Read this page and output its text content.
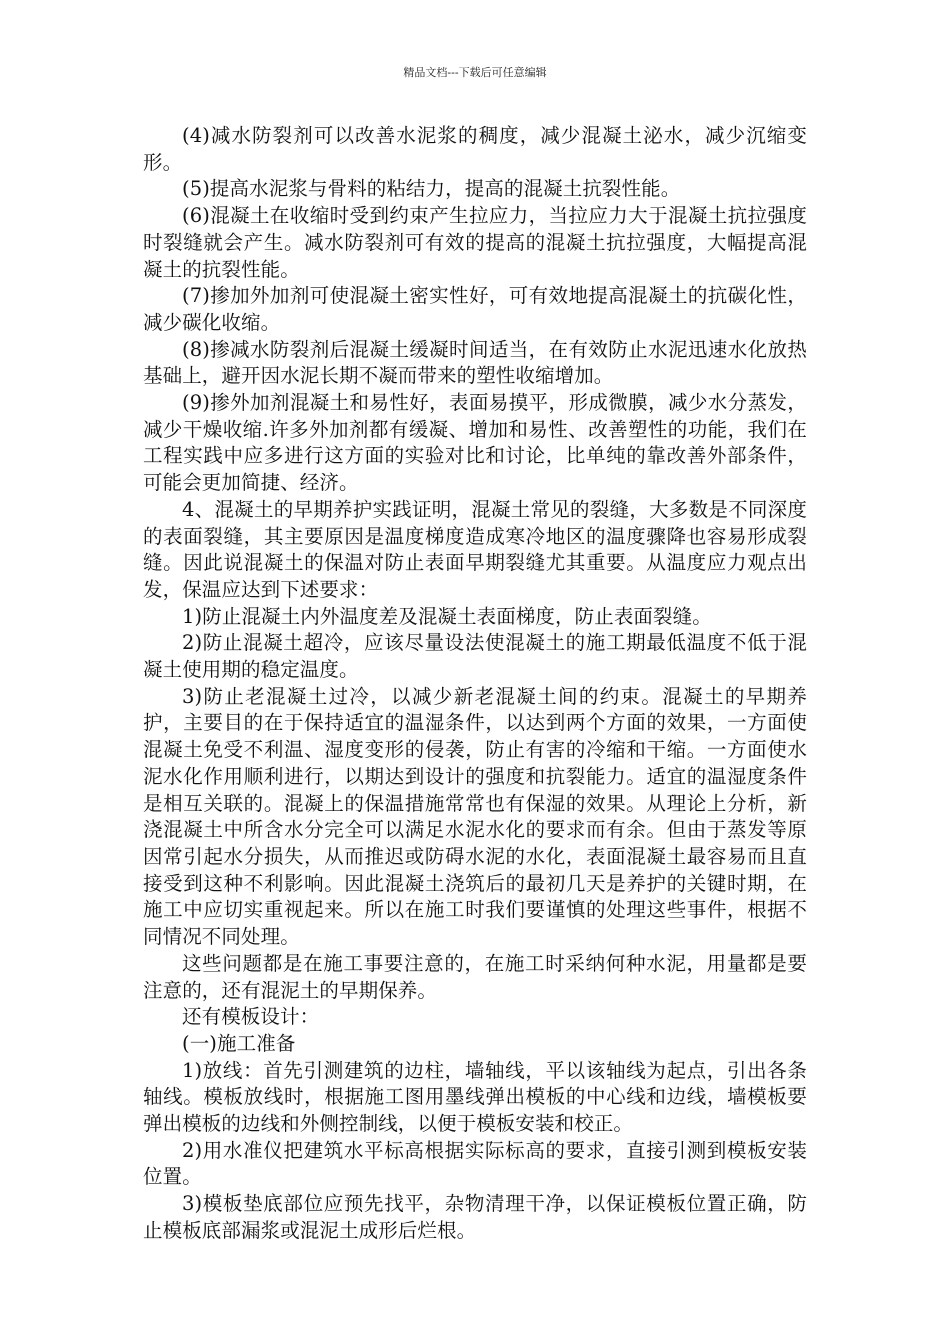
精品文档---下载后可任意编辑

(4)减水防裂剂可以改善水泥浆的稠度，减少混凝土泌水，减少沉缩变形。

(5)提高水泥浆与骨料的粘结力，提高的混凝土抗裂性能。

(6)混凝土在收缩时受到约束产生拉应力，当拉应力大于混凝土抗拉强度时裂缝就会产生。减水防裂剂可有效的提高的混凝土抗拉强度，大幅提高混凝土的抗裂性能。

(7)掺加外加剂可使混凝土密实性好，可有效地提高混凝土的抗碳化性，减少碳化收缩。

(8)掺减水防裂剂后混凝土缓凝时间适当，在有效防止水泥迅速水化放热基础上，避开因水泥长期不凝而带来的塑性收缩增加。

(9)掺外加剂混凝土和易性好，表面易摸平，形成微膜，减少水分蒸发，减少干燥收缩.许多外加剂都有缓凝、增加和易性、改善塑性的功能，我们在工程实践中应多进行这方面的实验对比和讨论，比单纯的靠改善外部条件，可能会更加简捷、经济。

4、混凝土的早期养护实践证明，混凝土常见的裂缝，大多数是不同深度的表面裂缝，其主要原因是温度梯度造成寒冷地区的温度骤降也容易形成裂缝。因此说混凝土的保温对防止表面早期裂缝尤其重要。从温度应力观点出发，保温应达到下述要求：

1)防止混凝土内外温度差及混凝土表面梯度，防止表面裂缝。

2)防止混凝土超冷，应该尽量设法使混凝土的施工期最低温度不低于混凝土使用期的稳定温度。

3)防止老混凝土过冷，以减少新老混凝土间的约束。混凝土的早期养护，主要目的在于保持适宜的温湿条件，以达到两个方面的效果，一方面使混凝土免受不利温、湿度变形的侵袭，防止有害的冷缩和干缩。一方面使水泥水化作用顺利进行，以期达到设计的强度和抗裂能力。适宜的温湿度条件是相互关联的。混凝上的保温措施常常也有保湿的效果。从理论上分析，新浇混凝土中所含水分完全可以满足水泥水化的要求而有余。但由于蒸发等原因常引起水分损失，从而推迟或防碍水泥的水化，表面混凝土最容易而且直接受到这种不利影响。因此混凝土浇筑后的最初几天是养护的关键时期，在施工中应切实重视起来。所以在施工时我们要谨慎的处理这些事件，根据不同情况不同处理。

这些问题都是在施工事要注意的，在施工时采纳何种水泥，用量都是要注意的，还有混泥土的早期保养。

还有模板设计：

(一)施工准备

1)放线：首先引测建筑的边柱，墙轴线，平以该轴线为起点，引出各条轴线。模板放线时，根据施工图用墨线弹出模板的中心线和边线，墙模板要弹出模板的边线和外侧控制线，以便于模板安装和校正。

2)用水准仪把建筑水平标高根据实际标高的要求，直接引测到模板安装位置。

3)模板垫底部位应预先找平，杂物清理干净，以保证模板位置正确，防止模板底部漏浆或混泥土成形后烂根。
